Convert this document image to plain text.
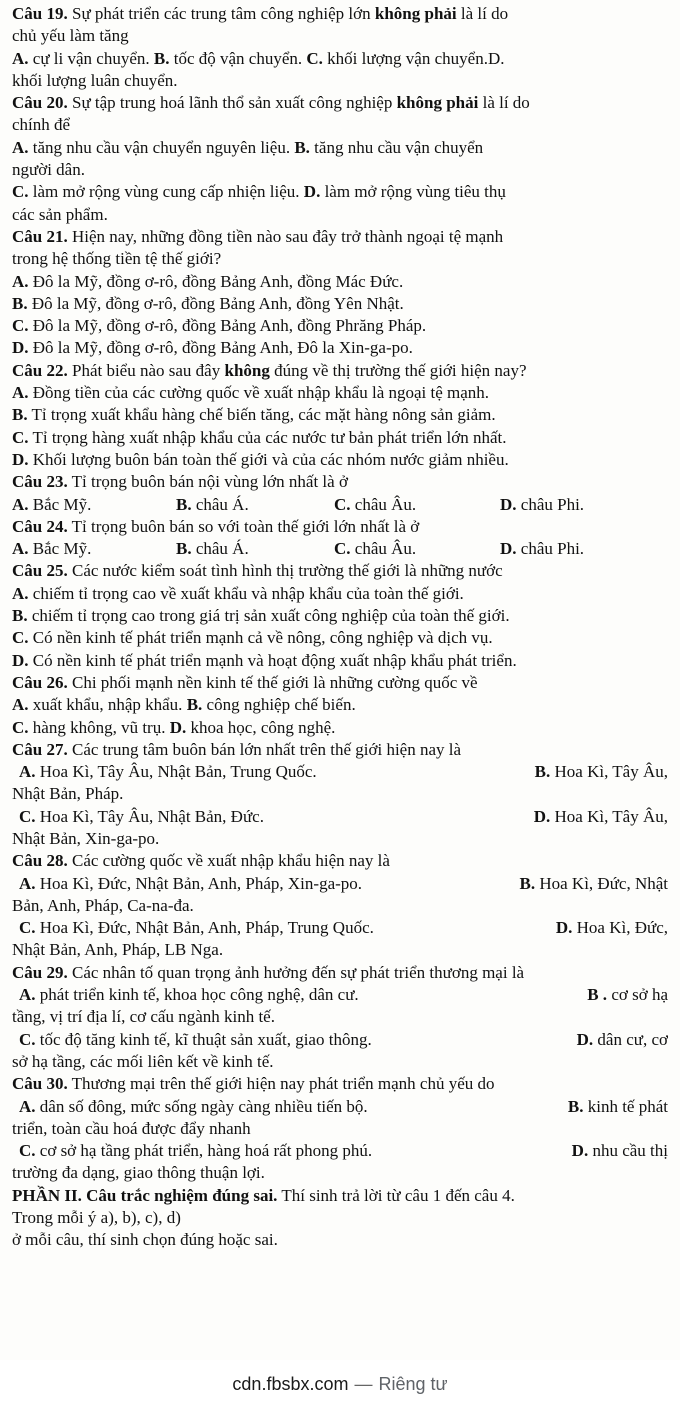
Câu 19. Sự phát triển các trung tâm công nghiệp lớn không phải là lí do
chủ yếu làm tăng
A. cự li vận chuyển. B. tốc độ vận chuyển. C. khối lượng vận chuyển.D.
khối lượng luân chuyển.
Câu 20. Sự tập trung hoá lãnh thổ sản xuất công nghiệp không phải là lí do
chính để
A. tăng nhu cầu vận chuyển nguyên liệu. B. tăng nhu cầu vận chuyển
người dân.
C. làm mở rộng vùng cung cấp nhiện liệu. D. làm mở rộng vùng tiêu thụ
các sản phẩm.
Câu 21. Hiện nay, những đồng tiền nào sau đây trở thành ngoại tệ mạnh
trong hệ thống tiền tệ thế giới?
A. Đô la Mỹ, đồng ơ-rô, đồng Bảng Anh, đồng Mác Đức.
B. Đô la Mỹ, đồng ơ-rô, đồng Bảng Anh, đồng Yên Nhật.
C. Đô la Mỹ, đồng ơ-rô, đồng Bảng Anh, đồng Phrăng Pháp.
D. Đô la Mỹ, đồng ơ-rô, đồng Bảng Anh, Đô la Xin-ga-po.
Câu 22. Phát biểu nào sau đây không đúng về thị trường thế giới hiện nay?
A. Đồng tiền của các cường quốc về xuất nhập khẩu là ngoại tệ mạnh.
B. Tỉ trọng xuất khẩu hàng chế biến tăng, các mặt hàng nông sản giảm.
C. Tỉ trọng hàng xuất nhập khẩu của các nước tư bản phát triển lớn nhất.
D. Khối lượng buôn bán toàn thế giới và của các nhóm nước giảm nhiều.
Câu 23. Tỉ trọng buôn bán nội vùng lớn nhất là ở
A. Bắc Mỹ.	B. châu Á.	C. châu Âu.	D. châu Phi.
Câu 24. Tỉ trọng buôn bán so với toàn thế giới lớn nhất là ở
A. Bắc Mỹ.	B. châu Á.	C. châu Âu.	D. châu Phi.
Câu 25. Các nước kiểm soát tình hình thị trường thế giới là những nước
A. chiếm tỉ trọng cao về xuất khẩu và nhập khẩu của toàn thế giới.
B. chiếm tỉ trọng cao trong giá trị sản xuất công nghiệp của toàn thế giới.
C. Có nền kinh tế phát triển mạnh cả về nông, công nghiệp và dịch vụ.
D. Có nền kinh tế phát triển mạnh và hoạt động xuất nhập khẩu phát triển.
Câu 26. Chi phối mạnh nền kinh tế thế giới là những cường quốc về
A. xuất khẩu, nhập khẩu. B. công nghiệp chế biến.
C. hàng không, vũ trụ. D. khoa học, công nghệ.
Câu 27. Các trung tâm buôn bán lớn nhất trên thế giới hiện nay là
A. Hoa Kì, Tây Âu, Nhật Bản, Trung Quốc.	B. Hoa Kì, Tây Âu,
Nhật Bản, Pháp.
C. Hoa Kì, Tây Âu, Nhật Bản, Đức.	D. Hoa Kì, Tây Âu,
Nhật Bản, Xin-ga-po.
Câu 28. Các cường quốc về xuất nhập khẩu hiện nay là
A. Hoa Kì, Đức, Nhật Bản, Anh, Pháp, Xin-ga-po.	B. Hoa Kì, Đức, Nhật
Bản, Anh, Pháp, Ca-na-đa.
C. Hoa Kì, Đức, Nhật Bản, Anh, Pháp, Trung Quốc.	D. Hoa Kì, Đức,
Nhật Bản, Anh, Pháp, LB Nga.
Câu 29. Các nhân tố quan trọng ảnh hưởng đến sự phát triển thương mại là
A. phát triển kinh tế, khoa học công nghệ, dân cư.	B . cơ sở hạ
tầng, vị trí địa lí, cơ cấu ngành kinh tế.
C. tốc độ tăng kinh tế, kĩ thuật sản xuất, giao thông.	D. dân cư, cơ
sở hạ tầng, các mối liên kết về kinh tế.
Câu 30. Thương mại trên thế giới hiện nay phát triển mạnh chủ yếu do
A. dân số đông, mức sống ngày càng nhiều tiến bộ.	B. kinh tế phát
triển, toàn cầu hoá được đẩy nhanh
C. cơ sở hạ tầng phát triển, hàng hoá rất phong phú.	D. nhu cầu thị
trường đa dạng, giao thông thuận lợi.
PHẦN II. Câu trắc nghiệm đúng sai. Thí sinh trả lời từ câu 1 đến câu 4.
Trong mỗi ý a), b), c), d)
ở mỗi câu, thí sinh chọn đúng hoặc sai.
cdn.fbsbx.com — Riêng tư
